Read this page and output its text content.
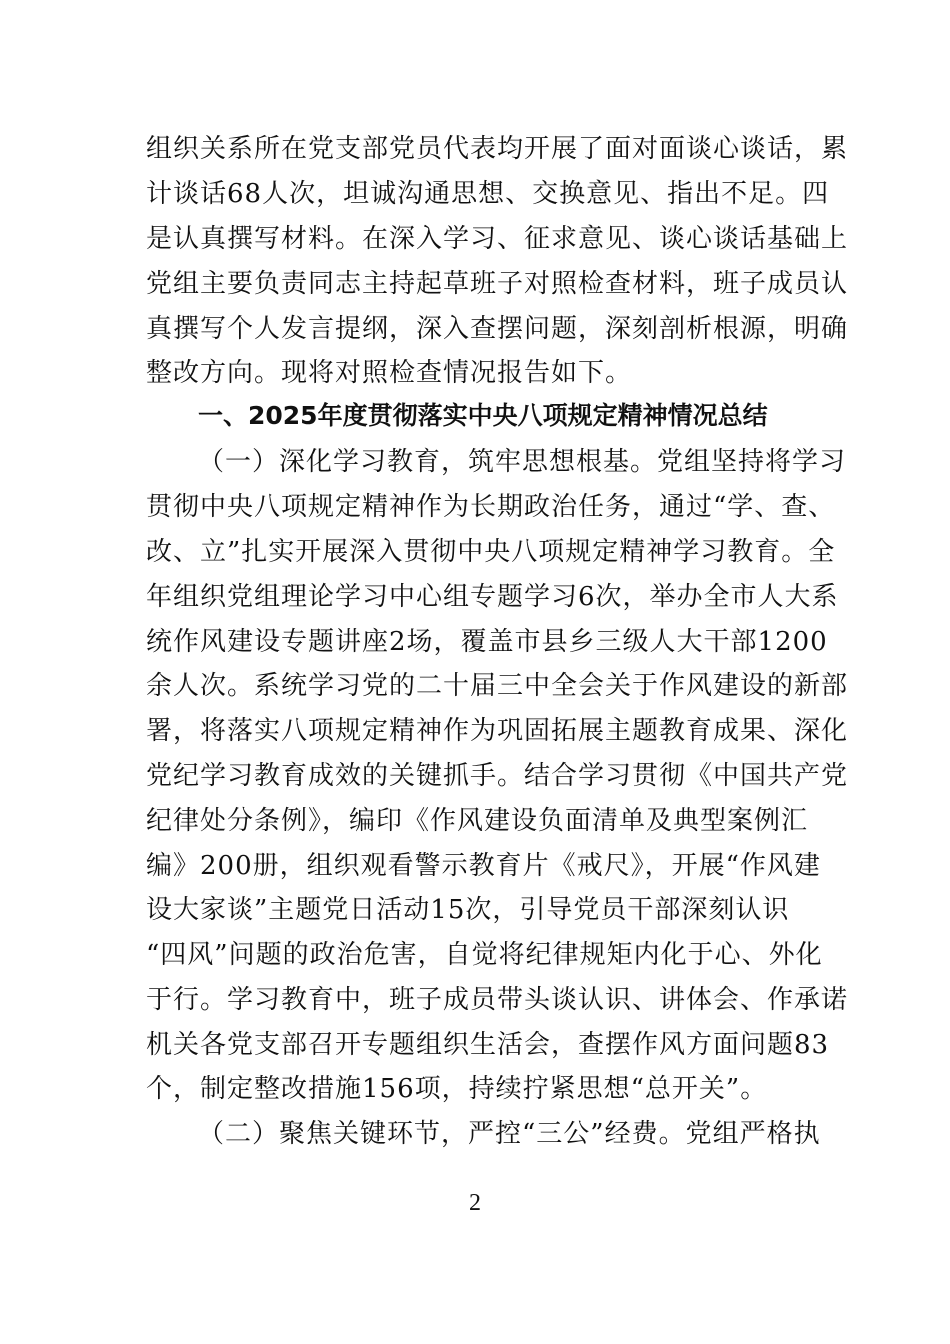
组织关系所在党支部党员代表均开展了面对面谈心谈话，累
计谈话68人次，坦诚沟通思想、交换意见、指出不足。四
是认真撰写材料。在深入学习、征求意见、谈心谈话基础上
党组主要负责同志主持起草班子对照检查材料，班子成员认
真撰写个人发言提纲，深入查摆问题，深刻剖析根源，明确
整改方向。现将对照检查情况报告如下。
一、2025年度贯彻落实中央八项规定精神情况总结
（一）深化学习教育，筑牢思想根基。党组坚持将学习
贯彻中央八项规定精神作为长期政治任务，通过“学、查、
改、立”扎实开展深入贯彻中央八项规定精神学习教育。全
年组织党组理论学习中心组专题学习6次，举办全市人大系
统作风建设专题讲座2场，覆盖市县乡三级人大干部1200
余人次。系统学习党的二十届三中全会关于作风建设的新部
署，将落实八项规定精神作为巩固拓展主题教育成果、深化
党纪学习教育成效的关键抓手。结合学习贯彻《中国共产党
纪律处分条例》，编印《作风建设负面清单及典型案例汇
编》200册，组织观看警示教育片《戒尺》，开展“作风建
设大家谈”主题党日活动15次，引导党员干部深刻认识
“四风”问题的政治危害，自觉将纪律规矩内化于心、外化
于行。学习教育中，班子成员带头谈认识、讲体会、作承诺
机关各党支部召开专题组织生活会，查摆作风方面问题83
个，制定整改措施156项，持续拧紧思想“总开关”。
（二）聚焦关键环节，严控“三公”经费。党组严格执
2
